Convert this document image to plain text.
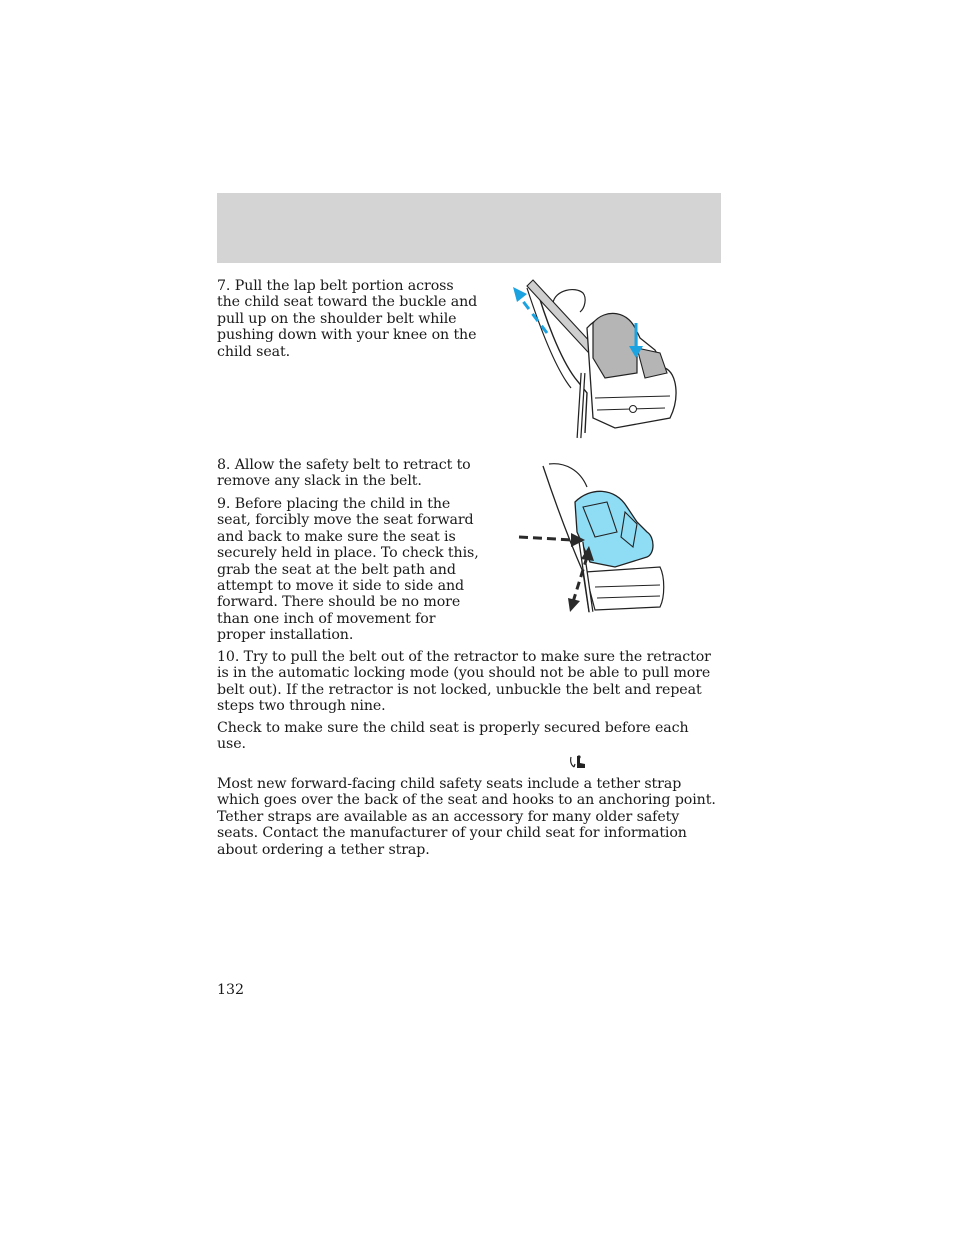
7. Pull the lap belt portion across the child seat toward the buckle and pull up on the shoulder belt while pushing down with your knee on the child seat.

8. Allow the safety belt to retract to remove any slack in the belt.

9. Before placing the child in the seat, forcibly move the seat forward and back to make sure the seat is securely held in place. To check this, grab the seat at the belt path and attempt to move it side to side and forward. There should be no more than one inch of movement for proper installation.

10. Try to pull the belt out of the retractor to make sure the retractor is in the automatic locking mode (you should not be able to pull more belt out). If the retractor is not locked, unbuckle the belt and repeat steps two through nine.

Check to make sure the child seat is properly secured before each use.

Most new forward-facing child safety seats include a tether strap which goes over the back of the seat and hooks to an anchoring point. Tether straps are available as an accessory for many older safety seats. Contact the manufacturer of your child seat for information about ordering a tether strap.

132
